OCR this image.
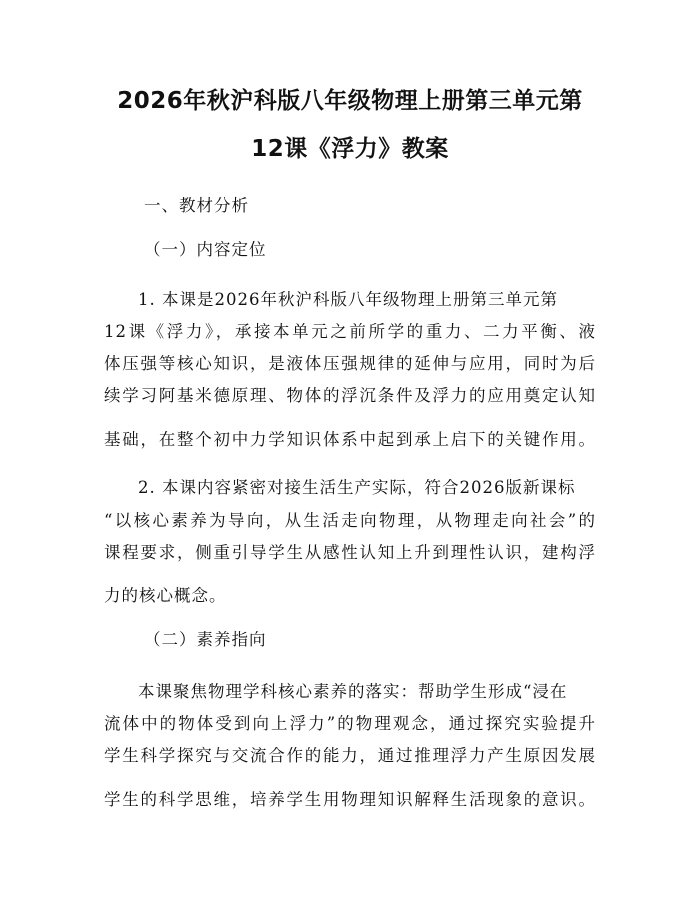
2026年秋沪科版八年级物理上册第三单元第
12课《浮力》教案
一、教材分析
（一）内容定位
1. 本课是2026年秋沪科版八年级物理上册第三单元第
12课《浮力》，承接本单元之前所学的重力、二力平衡、液
体压强等核心知识，是液体压强规律的延伸与应用，同时为后
续学习阿基米德原理、物体的浮沉条件及浮力的应用奠定认知
基础，在整个初中力学知识体系中起到承上启下的关键作用。
2. 本课内容紧密对接生活生产实际，符合2026版新课标
“以核心素养为导向，从生活走向物理，从物理走向社会”的
课程要求，侧重引导学生从感性认知上升到理性认识，建构浮
力的核心概念。
（二）素养指向
本课聚焦物理学科核心素养的落实：帮助学生形成“浸在
流体中的物体受到向上浮力”的物理观念，通过探究实验提升
学生科学探究与交流合作的能力，通过推理浮力产生原因发展
学生的科学思维，培养学生用物理知识解释生活现象的意识。
